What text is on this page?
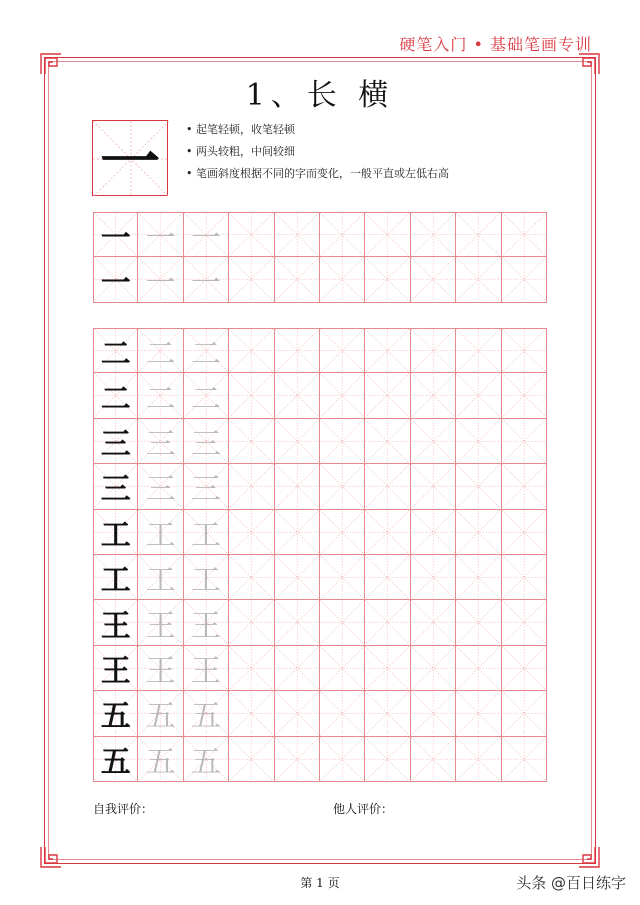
硬笔入门 • 基础笔画专训
1、长 横
一
•	起笔轻顿，收笔轻顿
• 两头较粗，中间较细
• 笔画斜度根据不同的字而变化，一般平直或左低右高
一 一 一
一 一 一
二 二 二
二 二 二
三 三 三
三 三 三
工 工 工
工 工 工
王 王 王
王 王 王
五 五 五
五 五 五
自我评价：	他人评价：
第 1 页	头条 @百日练字
